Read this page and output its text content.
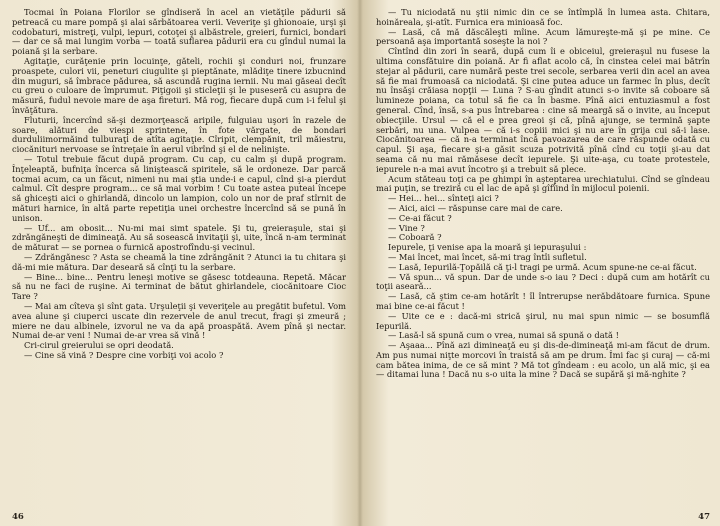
Tocmai în Poiana Florilor se gîndiseră în acel an vietăţile pădurii să petreacă cu mare pompă şi alai sărbătoarea verii. Veveriţe şi ghionoaie, urşi şi codobaturi, mistreţi, vulpi, iepuri, cotoţei şi albăstrele, greieri, furnici, bondari — dar ce să mai lungim vorba — toată suflarea pădurii era cu gîndul numai la poiană şi la serbare.

Agitaţie, curăţenie prin locuinţe, găteli, rochii şi conduri noi, frunzare proaspete, culori vii, peneturi ciugulite şi pieptănate, mlădiţe tinere izbucnind din muguri, să îmbrace pădurea, să ascundă rugina iernii. Nu mai găseai decît cu greu o culoare de împrumut. Piţigoii şi sticleţii şi le puseseră cu asupra de măsură, fudul nevoie mare de aşa fireturi. Mă rog, fiecare după cum i-i felul şi învăţătura.

Fluturii, încercînd să-şi dezmorţească aripile, fulguiau uşori în razele de soare, alături de viespi sprintene, în fote vărgate, de bondari durduliimormăind tulburaţi de atîta agitaţie. Cîripit, clempănit, tril măiestru, ciocănituri nervoase se întreţaie în aerul vibrînd şi el de nelinişte.

— Totul trebuie făcut după program. Cu cap, cu calm şi după program. Înţeleaptă, bufniţa încerca să liniştească spiritele, să le ordoneze. Dar parcă tocmai acum, ca un făcut, nimeni nu mai ştia unde-i e capul, cînd şi-a pierdut calmul. Cît despre program... ce să mai vorbim ! Cu toate astea puteai începe să ghiceşti aici o ghirlandă, dincolo un lampion, colo un nor de praf stîrnit de mături harnice, în altă parte repetiţia unei orchestre încercînd să se pună în unison.

— Uf... am obosit... Nu-mi mai simt spatele. Şi tu, greieraşule, stai şi zdrăngăneşti de dimineaţă. Au să sosească invitaţii şi, uite, încă n-am terminat de măturat — se pornea o furnică apostrofîndu-şi vecinul.

— Zdrăngănesc ? Asta se cheamă la tine zdrăngănit ? Atunci ia tu chitara şi dă-mi mie mătura. Dar deseară să cînţi tu la serbare.

— Bine... bine... Pentru leneşi motive se găsesc totdeauna. Repetă. Măcar să nu ne faci de ruşine. Ai terminat de bătut ghirlandele, ciocănitoare Cioc Tare ?

— Mai am cîteva şi sînt gata. Urşuleţii şi veveriţele au pregătit bufetul. Vom avea alune şi ciuperci uscate din rezervele de anul trecut, fragi şi zmeură ; miere ne dau albinele, izvorul ne va da apă proaspătă. Avem pînă şi nectar. Numai de-ar veni ! Numai de-ar vrea să vină !

Cri-cirul greierului se opri deodată.

— Cine să vină ? Despre cine vorbiţi voi acolo ?

46

— Tu niciodată nu ştii nimic din ce se întîmplă în lumea asta. Chitara, hoinăreala, şi-atît. Furnica era minioasă foc.

— Lasă, că mă dăscăleşti mîine. Acum lămureşte-mă şi pe mine. Ce persoană aşa importantă soseşte la noi ?

Cîntînd din zori în seară, după cum îi e obiceiul, greieraşul nu fusese la ultima consfătuire din poiană. Ar fi aflat acolo că, în cinstea celei mai bătrîn stejar al pădurii, care numără peste trei secole, serbarea verii din acel an avea să fie mai frumoasă ca niciodată. Şi cine putea aduce un farmec în plus, decît nu însăşi crăiasa nopţii — Luna ? S-au gîndit atunci s-o invite să coboare să lumineze poiana, ca totul să fie ca în basme. Pînă aici entuziasmul a fost general. Cînd, însă, s-a pus întrebarea : cine să meargă să o invite, au început obiecţiile. Ursul — că el e prea greoi şi că, pînă ajunge, se termină şapte serbări, nu una. Vulpea — că i-s copiii mici şi nu are în grija cui să-i lase. Ciocănitoarea — că n-a terminat încă pavoazarea de care răspunde odată cu capul. Şi aşa, fiecare şi-a găsit scuza potrivită pînă cînd cu toţii şi-au dat seama că nu mai rămăsese decît iepurele. Şi uite-aşa, cu toate protestele, iepurele n-a mai avut încotro şi a trebuit să plece.

Acum stăteau toţi ca pe ghimpi în aşteptarea urechiatului. Cînd se gîndeau mai puţin, se treziră cu el lac de apă şi gîfîind în mijlocul poienii.

— Hei... hei... sînteţi aici ?

— Aici, aici — răspunse care mai de care.

— Ce-ai făcut ?

— Vine ?

— Coboară ?

Iepurele, ţi venise apa la moară şi iepuraşului :

— Mai încet, mai încet, să-mi trag întîi sufletul.

— Lasă, Iepurilă-Ţopăilă că ţi-l tragi pe urmă. Acum spune-ne ce-ai făcut.

— Vă spun... vă spun. Dar de unde s-o iau ? Deci : după cum am hotărît cu toţii aseară...

— Lasă, că ştim ce-am hotărît ! îl întrerupse nerăbdătoare furnica. Spune mai bine ce-ai făcut !

— Uite ce e : dacă-mi strică şirul, nu mai spun nimic — se bosumflă Iepurilă.

— Lasă-l să spună cum o vrea, numai să spună o dată !

— Aşaaa... Pînă azi dimineaţă eu şi dis-de-dimineaţă mi-am făcut de drum. Am pus numai niţte morcovi în traistă să am pe drum. Îmi fac şi curaj — că-mi cam bătea inima, de ce să mint ? Mă tot gîndeam : eu acolo, un ală mic, şi ea — ditamai luna ! Dacă nu s-o uita la mine ? Dacă se supără şi mă-nghite ?

47
